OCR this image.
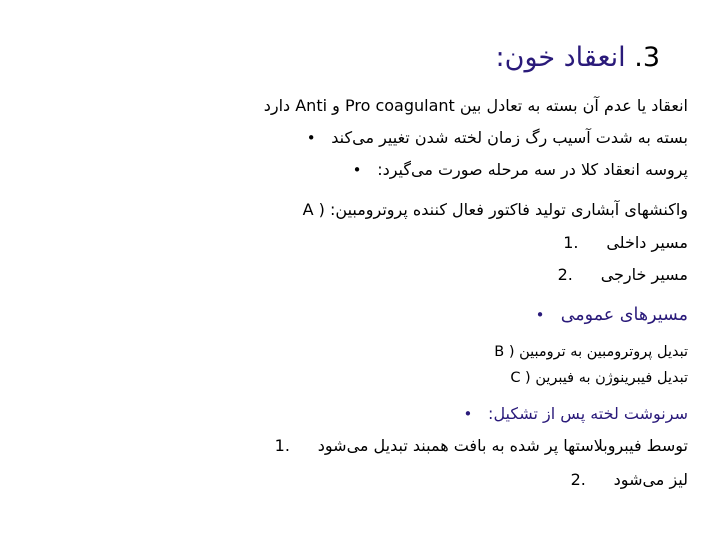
3. انعقاد خون:
انعقاد یا عدم آن بسته به تعادل بین Pro coagulant و Anti دارد
بسته به شدت آسیب رگ زمان لخته شدن تغییر می‌کند •
پروسه انعقاد کلا در سه مرحله صورت می‌گیرد: •
واکنشهای آبشاری تولید فاکتور فعال کننده پروترومبین: A )
مسیر داخلی 1.
مسیر خارجی 2.
مسیرهای عمومی •
تبدیل پروترومبین به ترومبین B )
تبدیل فیبرینوژن به فیبرین C )
سرنوشت لخته پس از تشکیل: •
توسط فیبروبلاستها پر شده به بافت همبند تبدیل می‌شود 1.
لیز می‌شود 2.
